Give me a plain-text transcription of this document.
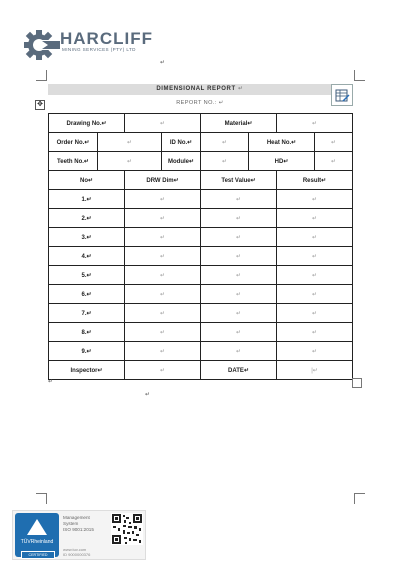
HARCLIFF
MINING SERVICES (PTY) LTD
↵
DIMENSIONAL REPORT ↵
REPORT NO.: ↵
✥
Drawing No.↵		↵		Material↵		↵	
Order No.↵	↵		ID No.↵	↵	Heat No.↵		↵
Teeth No.↵	↵		Module↵	↵	HD↵		↵
No↵		DRW Dim↵		Test Value↵		Result↵	
1.↵		↵		↵		↵	
2.↵		↵		↵		↵	
3.↵		↵		↵		↵	
4.↵		↵		↵		↵	
5.↵		↵		↵		↵	
6.↵		↵		↵		↵	
7.↵		↵		↵		↵	
8.↵		↵		↵		↵	
9.↵		↵		↵		↵	
Inspector↵		↵		DATE↵		|↵	
↵
↵
TÜVRheinland
CERTIFIED
Management
System
ISO 9001:2015
www.tuv.com
ID 9000000376
